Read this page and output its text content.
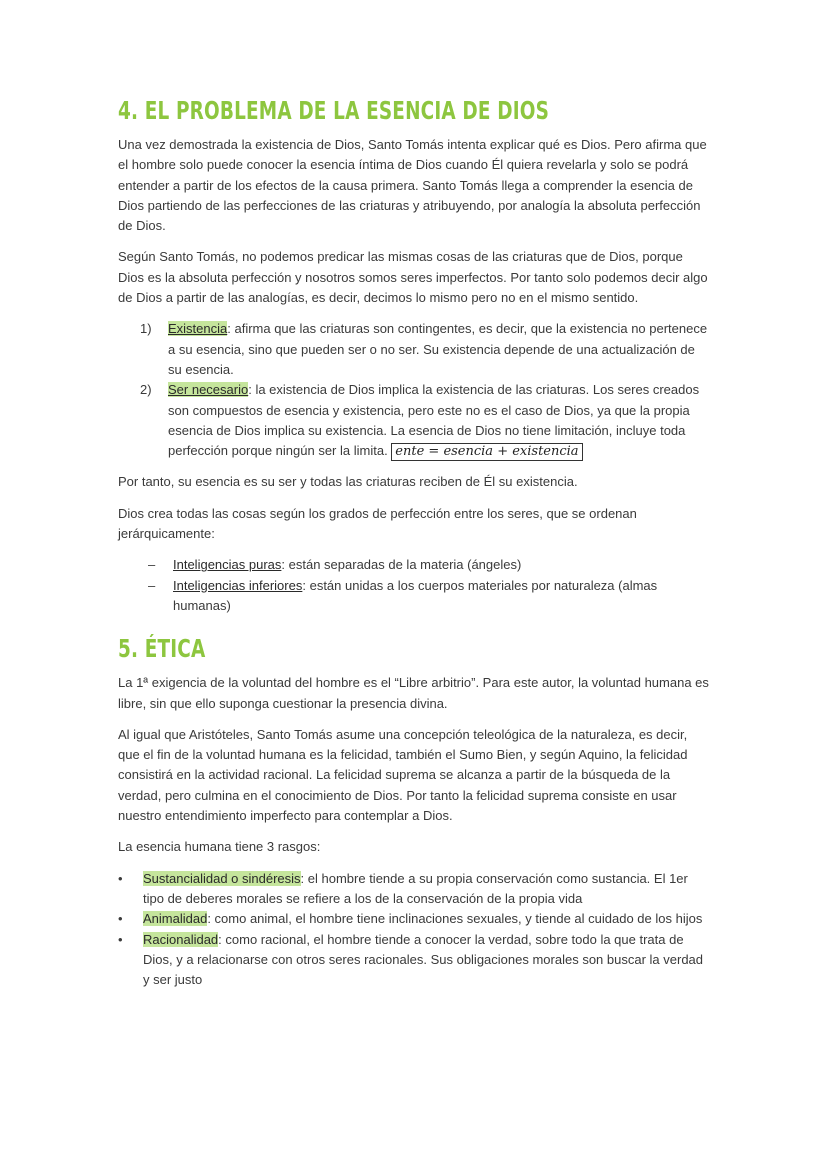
4. EL PROBLEMA DE LA ESENCIA DE DIOS

Una vez demostrada la existencia de Dios, Santo Tomás intenta explicar qué es Dios. Pero afirma que el hombre solo puede conocer la esencia íntima de Dios cuando Él quiera revelarla y solo se podrá entender a partir de los efectos de la causa primera. Santo Tomás llega a comprender la esencia de Dios partiendo de las perfecciones de las criaturas y atribuyendo, por analogía la absoluta perfección de Dios.

Según Santo Tomás, no podemos predicar las mismas cosas de las criaturas que de Dios, porque Dios es la absoluta perfección y nosotros somos seres imperfectos. Por tanto solo podemos decir algo de Dios a partir de las analogías, es decir, decimos lo mismo pero no en el mismo sentido.

1) Existencia: afirma que las criaturas son contingentes, es decir, que la existencia no pertenece a su esencia, sino que pueden ser o no ser. Su existencia depende de una actualización de su esencia.
2) Ser necesario: la existencia de Dios implica la existencia de las criaturas. Los seres creados son compuestos de esencia y existencia, pero este no es el caso de Dios, ya que la propia esencia de Dios implica su existencia. La esencia de Dios no tiene limitación, incluye toda perfección porque ningún ser la limita. ente = esencia + existencia

Por tanto, su esencia es su ser y todas las criaturas reciben de Él su existencia.

Dios crea todas las cosas según los grados de perfección entre los seres, que se ordenan jerárquicamente:

– Inteligencias puras: están separadas de la materia (ángeles)
– Inteligencias inferiores: están unidas a los cuerpos materiales por naturaleza (almas humanas)
5. ÉTICA

La 1ª exigencia de la voluntad del hombre es el “Libre arbitrio”. Para este autor, la voluntad humana es libre, sin que ello suponga cuestionar la presencia divina.

Al igual que Aristóteles, Santo Tomás asume una concepción teleológica de la naturaleza, es decir, que el fin de la voluntad humana es la felicidad, también el Sumo Bien, y según Aquino, la felicidad consistirá en la actividad racional. La felicidad suprema se alcanza a partir de la búsqueda de la verdad, pero culmina en el conocimiento de Dios. Por tanto la felicidad suprema consiste en usar nuestro entendimiento imperfecto para contemplar a Dios.

La esencia humana tiene 3 rasgos:

• Sustancialidad o sindéresis: el hombre tiende a su propia conservación como sustancia. El 1er tipo de deberes morales se refiere a los de la conservación de la propia vida
• Animalidad: como animal, el hombre tiene inclinaciones sexuales, y tiende al cuidado de los hijos
• Racionalidad: como racional, el hombre tiende a conocer la verdad, sobre todo la que trata de Dios, y a relacionarse con otros seres racionales. Sus obligaciones morales son buscar la verdad y ser justo
